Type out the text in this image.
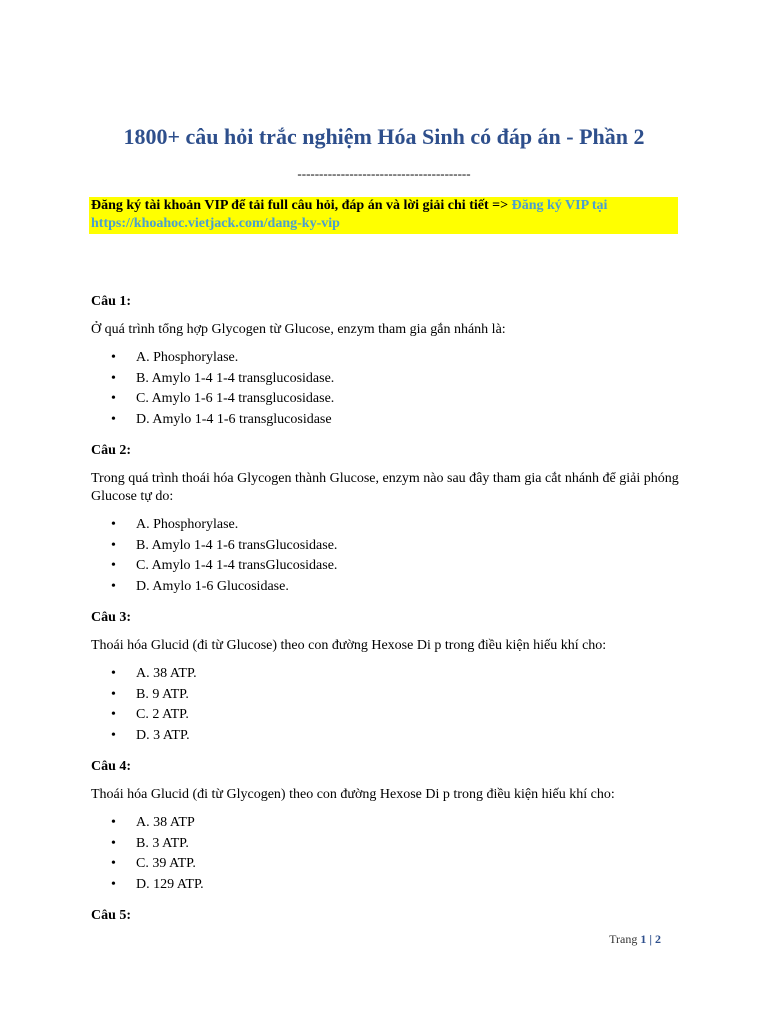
1800+ câu hỏi trắc nghiệm Hóa Sinh có đáp án - Phần 2
----------------------------------------
Đăng ký tài khoản VIP để tải full câu hỏi, đáp án và lời giải chi tiết => Đăng ký VIP tại https://khoahoc.vietjack.com/dang-ky-vip
Câu 1:
Ở quá trình tổng hợp Glycogen từ Glucose, enzym tham gia gắn nhánh là:
• A. Phosphorylase.
• B. Amylo 1-4 1-4 transglucosidase.
• C. Amylo 1-6 1-4 transglucosidase.
• D. Amylo 1-4 1-6 transglucosidase
Câu 2:
Trong quá trình thoái hóa Glycogen thành Glucose, enzym nào sau đây tham gia cắt nhánh để giải phóng Glucose tự do:
• A. Phosphorylase.
• B. Amylo 1-4 1-6 transGlucosidase.
• C. Amylo 1-4 1-4 transGlucosidase.
• D. Amylo 1-6 Glucosidase.
Câu 3:
Thoái hóa Glucid (đi từ Glucose) theo con đường Hexose Di p trong điều kiện hiếu khí cho:
• A. 38 ATP.
• B. 9 ATP.
• C. 2 ATP.
• D. 3 ATP.
Câu 4:
Thoái hóa Glucid (đi từ Glycogen) theo con đường Hexose Di p trong điều kiện hiếu khí cho:
• A. 38 ATP
• B. 3 ATP.
• C. 39 ATP.
• D. 129 ATP.
Câu 5:
Trang 1 | 2
